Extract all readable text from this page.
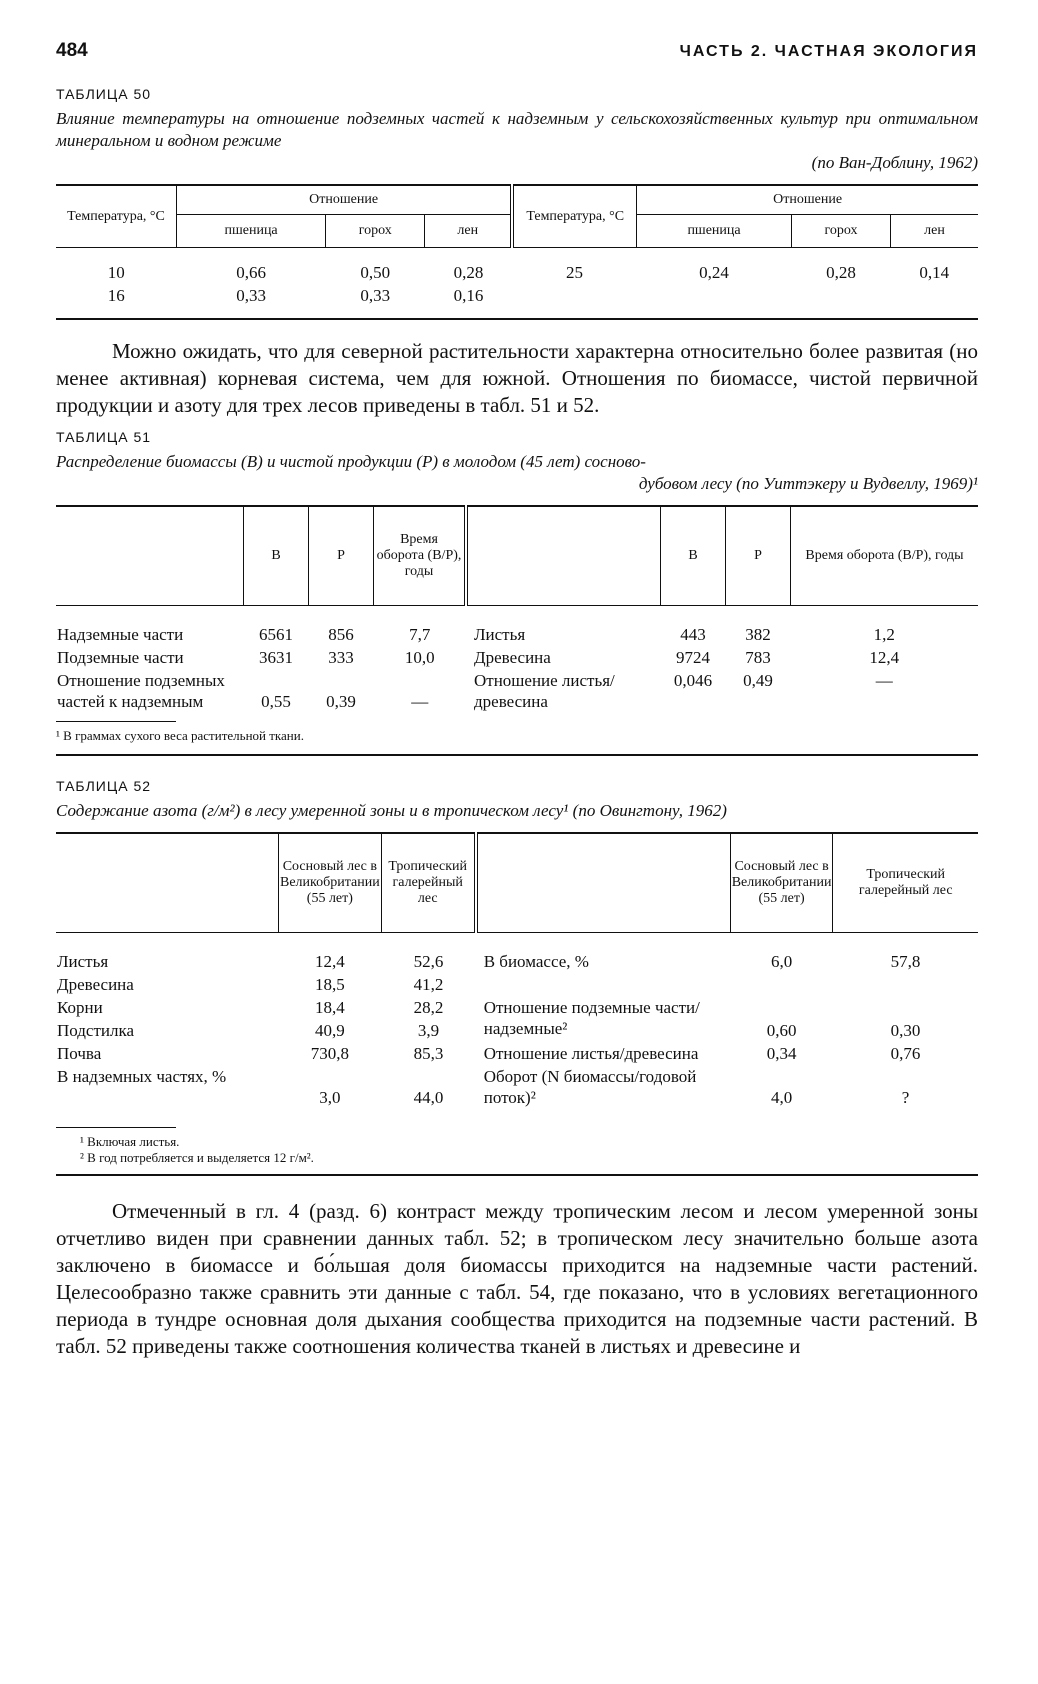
484	ЧАСТЬ 2. ЧАСТНАЯ ЭКОЛОГИЯ
ТАБЛИЦА 50
Влияние температуры на отношение подземных частей к надземным у сельскохозяйственных культур при оптимальном минеральном и водном режиме
(по Ван-Доблину, 1962)
Температура, °С	Отношение			Температура, °С	Отношение		
	пшеница	горох	лен		пшеница	горох	лен
10	0,66	0,50	0,28	25	0,24	0,28	0,14
16	0,33	0,33	0,16				
Можно ожидать, что для северной растительности характерна относительно более развитая (но менее активная) корневая система, чем для южной. Отношения по биомассе, чистой первичной продукции и азоту для трех лесов приведены в табл. 51 и 52.
ТАБЛИЦА 51
Распределение биомассы (B) и чистой продукции (P) в молодом (45 лет) сосново-
дубовом лесу (по Уиттэкеру и Вудвеллу, 1969)¹
	B	P	Время оборота (B/P), годы		B	P	Время оборота (B/P), годы
Надземные части	6561	856	7,7	Листья	443	382	1,2
Подземные части	3631	333	10,0	Древесина	9724	783	12,4
Отношение подземных частей к надземным	0,55	0,39	—	Отношение листья/древесина	0,046	0,49	—
¹ В граммах сухого веса растительной ткани.
ТАБЛИЦА 52
Содержание азота (г/м²) в лесу умеренной зоны и в тропическом лесу¹ (по Овингтону, 1962)
	Сосновый лес в Великобритании (55 лет)	Тропический галерейный лес		Сосновый лес в Великобритании (55 лет)	Тропический галерейный лес
Листья	12,4	52,6	В биомассе, %	6,0	57,8
Древесина	18,5	41,2			
Корни	18,4	28,2	Отношение подземные части/надземные²	0,60	0,30
Подстилка	40,9	3,9			
Почва	730,8	85,3	Отношение листья/древесина	0,34	0,76
В надземных частях, %	3,0	44,0	Оборот (N биомассы/годовой поток)²	4,0	?
¹ Включая листья.
² В год потребляется и выделяется 12 г/м².
Отмеченный в гл. 4 (разд. 6) контраст между тропическим лесом и лесом умеренной зоны отчетливо виден при сравнении данных табл. 52; в тропическом лесу значительно больше азота заключено в биомассе и бо́льшая доля биомассы приходится на надземные части растений. Целесообразно также сравнить эти данные с табл. 54, где показано, что в условиях вегетационного периода в тундре основная доля дыхания сообщества приходится на подземные части растений. В табл. 52 приведены также соотношения количества тканей в листьях и древесине и
